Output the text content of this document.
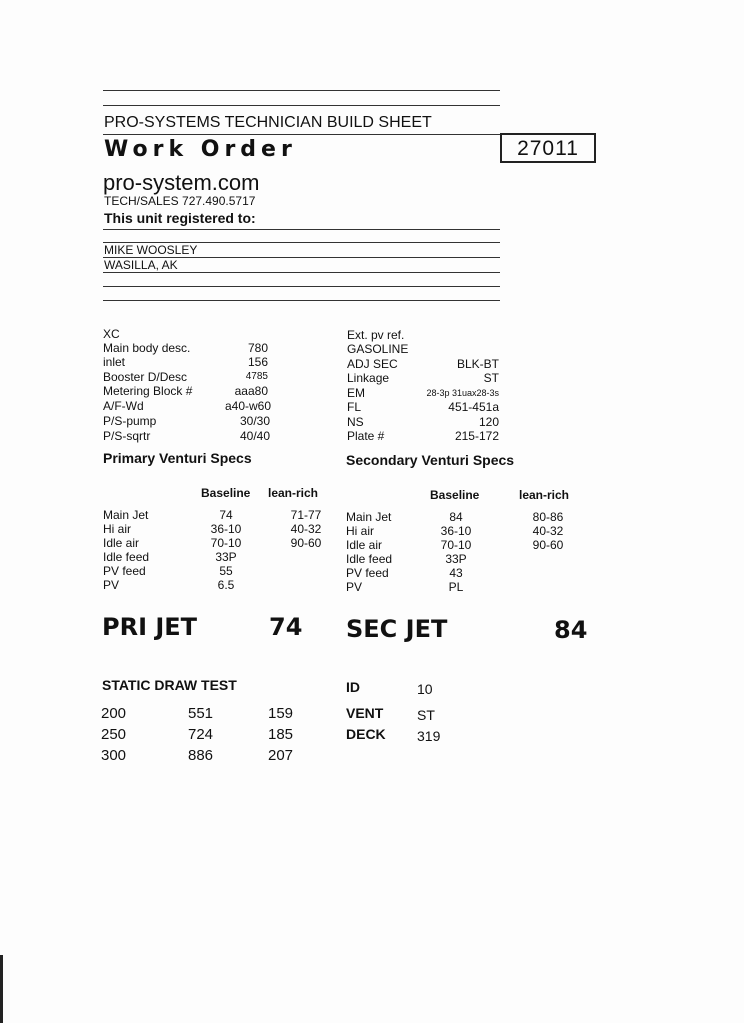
PRO-SYSTEMS TECHNICIAN BUILD SHEET
Work Order	27011
pro-system.com
TECH/SALES 727.490.5717
This unit registered to:
MIKE WOOSLEY
WASILLA, AK
XC
Main body desc.	780
inlet	156
Booster D/Desc	4785
Metering Block #	aaa80
A/F-Wd	a40-w60
P/S-pump	30/30
P/S-sqrtr	40/40
Ext. pv ref.
GASOLINE
ADJ SEC	BLK-BT
Linkage	ST
EM	28-3p 31uax28-3s
FL	451-451a
NS	120
Plate #	215-172
Primary Venturi Specs	Secondary Venturi Specs
Baseline lean-rich
Main Jet	74	71-77
Hi air	36-10	40-32
Idle air	70-10	90-60
Idle feed	33P
PV feed	55
PV	6.5
Baseline	lean-rich
Main Jet	84	80-86
Hi air	36-10	40-32
Idle air	70-10	90-60
Idle feed	33P
PV feed	43
PV	PL
PRI JET	74 SEC JET	84
STATIC DRAW TEST
200	551	159
250	724	185
300	886	207
ID	10
VENT ST
DECK 319
